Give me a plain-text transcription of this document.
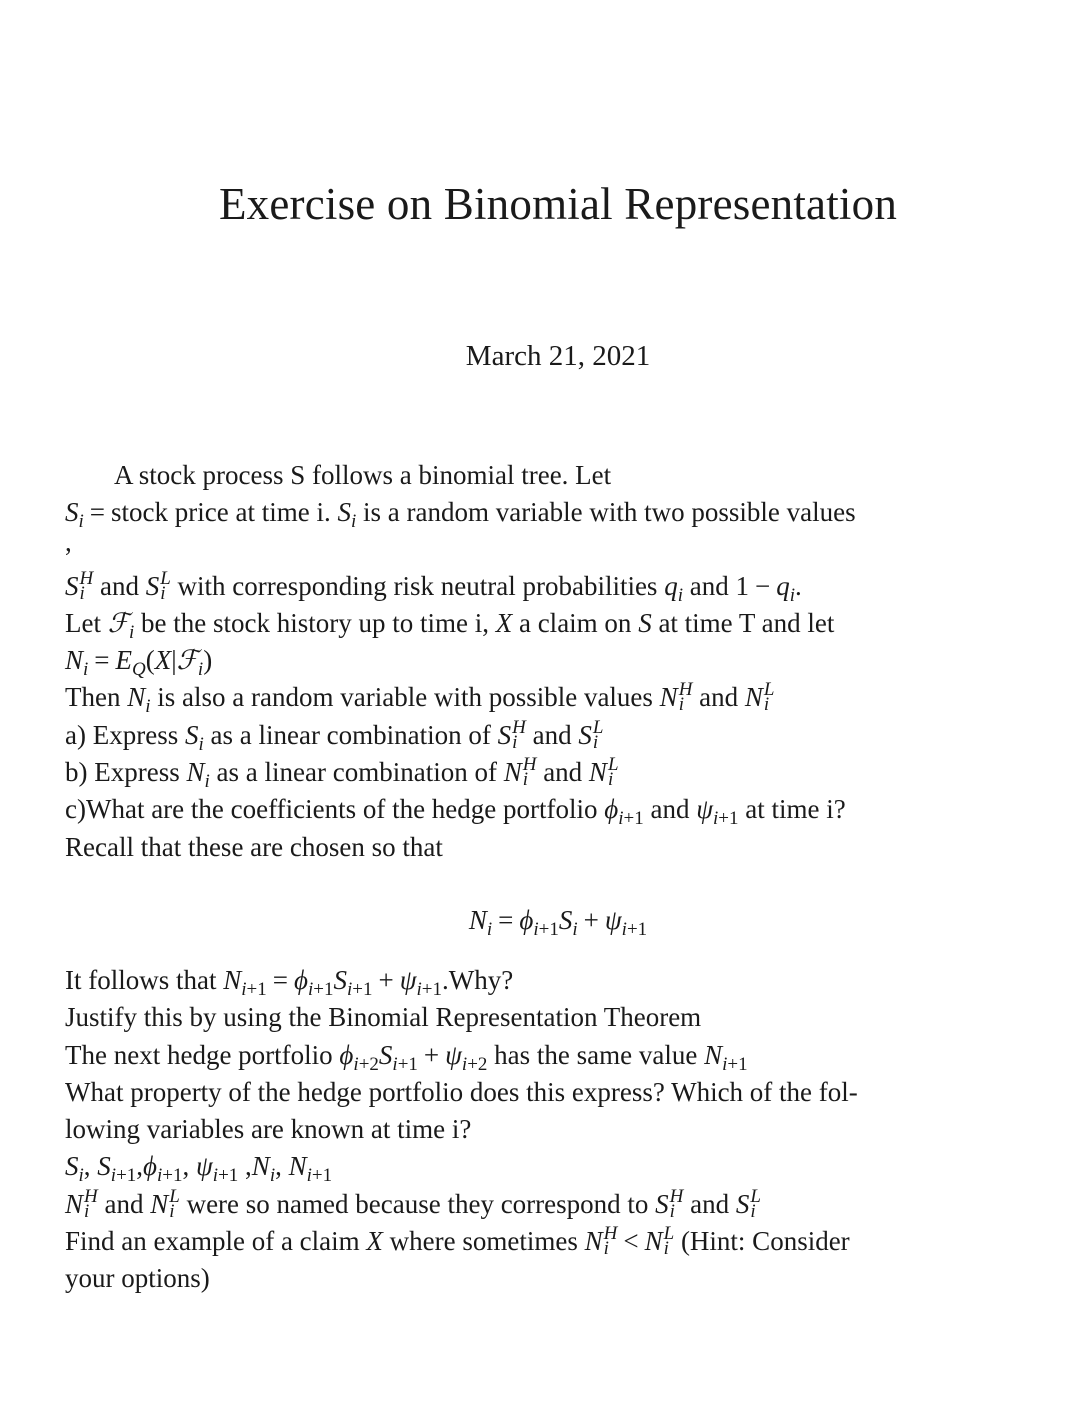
Exercise on Binomial Representation
March 21, 2021
A stock process S follows a binomial tree. Let
$S_i$ = stock price at time i. $S_i$ is a random variable with two possible values
,
S H
i and S L
i with corresponding risk neutral probabilities $q_i$ and $1 - q_i$.
Let ℱ$_i$ be the stock history up to time i, X a claim on S at time T and let
$N_i$ = $E_Q(X|ℱ_i)$
Then $N_i$ is also a random variable with possible values N H
i and N L
i
a) Express $S_i$ as a linear combination of S H
i and S L
i
b) Express $N_i$ as a linear combination of N H
i and N L
i
c)What are the coefficients of the hedge portfolio $\phi_{i+1}$ and $\psi_{i+1}$ at time i?
Recall that these are chosen so that
$N_i = \phi_{i+1}S_i + \psi_{i+1}$
It follows that $N_{i+1} = \phi_{i+1}S_{i+1} + \psi_{i+1}.Why$?
Justify this by using the Binomial Representation Theorem
The next hedge portfolio $\phi_{i+2}S_{i+1} + \psi_{i+2}$ has the same value $N_{i+1}$
What property of the hedge portfolio does this express? Which of the fol-
lowing variables are known at time i?
$S_i$, $S_{i+1},\phi_{i+1}$, $\psi_{i+1}$ $,N_i$, $N_{i+1}$
N H
i and N L
i were so named because they correspond to S H
i and S L
i
Find an example of a claim X where sometimes N H
i < N L
i (Hint: Consider
your options)
